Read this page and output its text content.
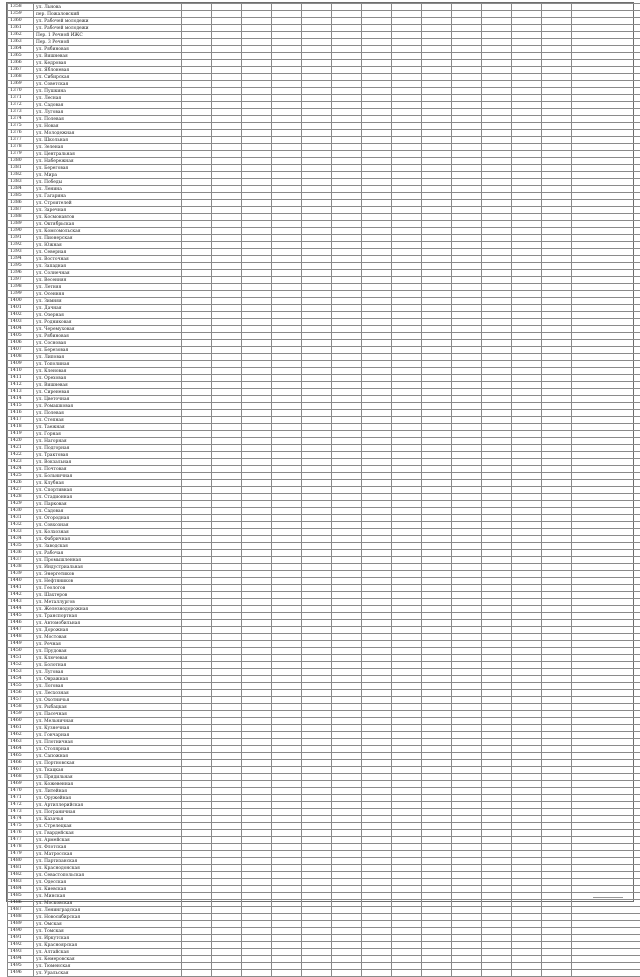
1358	ул. Льнова														
1359	пер. Пожаловский														
1360	ул. Рабочей молодежи														
1361	ул. Рабочей молодежи														
1362	Пер. 1 Речной ИЖС														
1363	Пер. 3 Речной														
1364	ул. Рябиновая														
1365	ул. Вишневая														
1366	ул. Кедровая														
1367	ул. Яблоневая														
1368	ул. Сибирская														
1369	ул. Советская														
1370	ул. Пушкина														
1371	ул. Лесная														
1372	ул. Садовая														
1373	ул. Луговая														
1374	ул. Полевая														
1375	ул. Новая														
1376	ул. Молодежная														
1377	ул. Школьная														
1378	ул. Зеленая														
1379	ул. Центральная														
1380	ул. Набережная														
1381	ул. Береговая														
1382	ул. Мира														
1383	ул. Победы														
1384	ул. Ленина														
1385	ул. Гагарина														
1386	ул. Строителей														
1387	ул. Заречная														
1388	ул. Космонавтов														
1389	ул. Октябрьская														
1390	ул. Комсомольская														
1391	ул. Пионерская														
1392	ул. Южная														
1393	ул. Северная														
1394	ул. Восточная														
1395	ул. Западная														
1396	ул. Солнечная														
1397	ул. Весенняя														
1398	ул. Летняя														
1399	ул. Осенняя														
1400	ул. Зимняя														
1401	ул. Дачная														
1402	ул. Озерная														
1403	ул. Родниковая														
1404	ул. Черемуховая														
1405	ул. Рябиновая														
1406	ул. Сосновая														
1407	ул. Березовая														
1408	ул. Липовая														
1409	ул. Тополиная														
1410	ул. Кленовая														
1411	ул. Ореховая														
1412	ул. Вишневая														
1413	ул. Сиреневая														
1414	ул. Цветочная														
1415	ул. Ромашковая														
1416	ул. Полевая														
1417	ул. Степная														
1418	ул. Таежная														
1419	ул. Горная														
1420	ул. Нагорная														
1421	ул. Подгорная														
1422	ул. Трактовая														
1423	ул. Вокзальная														
1424	ул. Почтовая														
1425	ул. Больничная														
1426	ул. Клубная														
1427	ул. Спортивная														
1428	ул. Стадионная														
1429	ул. Парковая														
1430	ул. Садовая														
1431	ул. Огородная														
1432	ул. Совхозная														
1433	ул. Колхозная														
1434	ул. Фабричная														
1435	ул. Заводская														
1436	ул. Рабочая														
1437	ул. Промышленная														
1438	ул. Индустриальная														
1439	ул. Энергетиков														
1440	ул. Нефтяников														
1441	ул. Геологов														
1442	ул. Шахтеров														
1443	ул. Металлургов														
1444	ул. Железнодорожная														
1445	ул. Транспортная														
1446	ул. Автомобильная														
1447	ул. Дорожная														
1448	ул. Мостовая														
1449	ул. Речная														
1450	ул. Прудовая														
1451	ул. Ключевая														
1452	ул. Болотная														
1453	ул. Луговая														
1454	ул. Овражная														
1455	ул. Логовая														
1456	ул. Лесхозная														
1457	ул. Охотничья														
1458	ул. Рыбацкая														
1459	ул. Пасечная														
1460	ул. Мельничная														
1461	ул. Кузнечная														
1462	ул. Гончарная														
1463	ул. Плотничная														
1464	ул. Столярная														
1465	ул. Сапожная														
1466	ул. Портновская														
1467	ул. Ткацкая														
1468	ул. Прядильная														
1469	ул. Кожевенная														
1470	ул. Литейная														
1471	ул. Оружейная														
1472	ул. Артиллерийская														
1473	ул. Пограничная														
1474	ул. Казачья														
1475	ул. Стрелецкая														
1476	ул. Гвардейская														
1477	ул. Армейская														
1478	ул. Флотская														
1479	ул. Матросская														
1480	ул. Партизанская														
1481	ул. Краснодонская														
1482	ул. Севастопольская														
1483	ул. Одесская														
1484	ул. Киевская														
1485	ул. Минская														
1486	ул. Московская														
1487	ул. Ленинградская														
1488	ул. Новосибирская														
1489	ул. Омская														
1490	ул. Томская														
1491	ул. Иркутская														
1492	ул. Красноярская														
1493	ул. Алтайская														
1494	ул. Кемеровская														
1495	ул. Тюменская														
1496	ул. Уральская														
